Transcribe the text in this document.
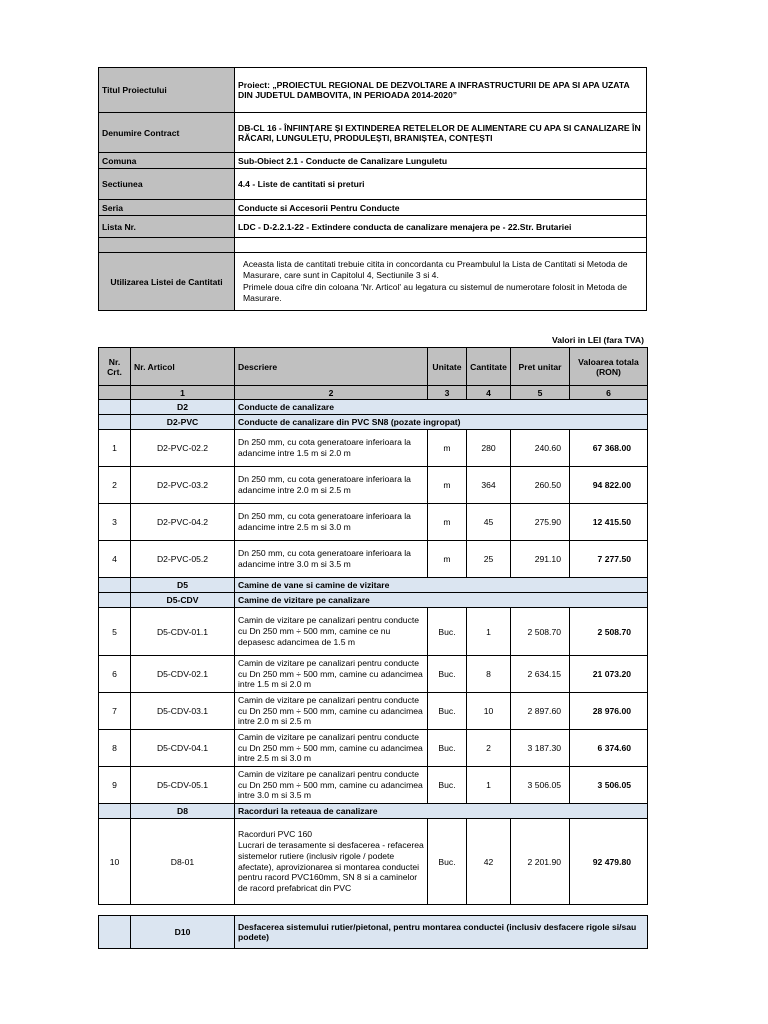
Titul Proiectului	Proiect: „PROIECTUL REGIONAL DE DEZVOLTARE A INFRASTRUCTURII DE APA SI APA UZATA DIN JUDETUL DAMBOVITA, IN PERIOADA 2014-2020”
Denumire Contract	DB-CL 16 - ÎNFIINȚARE ȘI EXTINDEREA RETELELOR DE ALIMENTARE CU APA SI CANALIZARE ÎN RĂCARI, LUNGULEȚU, PRODULEȘTI, BRANIȘTEA, CONȚEȘTI
Comuna	Sub-Obiect 2.1 - Conducte de Canalizare Lunguletu
Sectiunea	4.4 - Liste de cantitati si preturi
Seria	Conducte si Accesorii Pentru Conducte
Lista Nr.	LDC - D-2.2.1-22 - Extindere conducta de canalizare menajera pe - 22.Str. Brutariei

Utilizarea Listei de Cantitati	Aceasta lista de cantitati trebuie citita in concordanta cu Preambulul la Lista de Cantitati si Metoda de Masurare, care sunt in Capitolul 4, Sectiunile 3 si 4.
Primele doua cifre din coloana 'Nr. Articol' au legatura cu sistemul de numerotare folosit in Metoda de Masurare.
Valori in LEI (fara TVA)
Nr. Crt.	Nr. Articol	Descriere	Unitate	Cantitate	Pret unitar	Valoarea totala (RON)
	1	2	3	4	5	6
	D2	Conducte de canalizare				
	D2-PVC	Conducte de canalizare din PVC SN8 (pozate ingropat)				
1	D2-PVC-02.2	Dn 250 mm, cu cota generatoare inferioara la adancime intre 1.5 m si 2.0 m	m	280	240.60	67 368.00
2	D2-PVC-03.2	Dn 250 mm, cu cota generatoare inferioara la adancime intre 2.0 m si 2.5 m	m	364	260.50	94 822.00
3	D2-PVC-04.2	Dn 250 mm, cu cota generatoare inferioara la adancime intre 2.5 m si 3.0 m	m	45	275.90	12 415.50
4	D2-PVC-05.2	Dn 250 mm, cu cota generatoare inferioara la adancime intre 3.0 m si 3.5 m	m	25	291.10	7 277.50
	D5	Camine de vane si camine de vizitare				
	D5-CDV	Camine de vizitare pe canalizare				
5	D5-CDV-01.1	Camin de vizitare pe canalizari pentru conducte cu Dn 250 mm ÷ 500 mm, camine ce nu depasesc adancimea de 1.5 m	Buc.	1	2 508.70	2 508.70
6	D5-CDV-02.1	Camin de vizitare pe canalizari pentru conducte cu Dn 250 mm ÷ 500 mm, camine cu adancimea intre 1.5 m si 2.0 m	Buc.	8	2 634.15	21 073.20
7	D5-CDV-03.1	Camin de vizitare pe canalizari pentru conducte cu Dn 250 mm ÷ 500 mm, camine cu adancimea intre 2.0 m si 2.5 m	Buc.	10	2 897.60	28 976.00
8	D5-CDV-04.1	Camin de vizitare pe canalizari pentru conducte cu Dn 250 mm ÷ 500 mm, camine cu adancimea intre 2.5 m si 3.0 m	Buc.	2	3 187.30	6 374.60
9	D5-CDV-05.1	Camin de vizitare pe canalizari pentru conducte cu Dn 250 mm ÷ 500 mm, camine cu adancimea intre 3.0 m si 3.5 m	Buc.	1	3 506.05	3 506.05
	D8	Racorduri la reteaua de canalizare				
10	D8-01	Racorduri PVC 160
Lucrari de terasamente si desfacerea - refacerea sistemelor rutiere (inclusiv rigole / podete afectate), aprovizionarea si montarea conductei pentru racord PVC160mm, SN 8 si a caminelor de racord prefabricat din PVC	Buc.	42	2 201.90	92 479.80
	D10	Desfacerea sistemului rutier/pietonal, pentru montarea conductei (inclusiv desfacere rigole si/sau podete)
